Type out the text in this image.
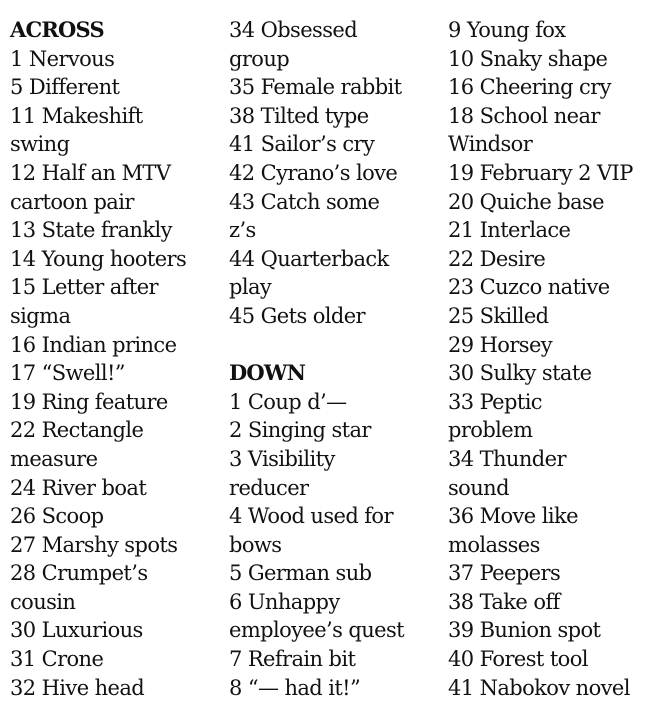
ACROSS
1 Nervous
5 Different
11 Makeshift
swing
12 Half an MTV
cartoon pair
13 State frankly
14 Young hooters
15 Letter after
sigma
16 Indian prince
17 “Swell!”
19 Ring feature
22 Rectangle
measure
24 River boat
26 Scoop
27 Marshy spots
28 Crumpet’s
cousin
30 Luxurious
31 Crone
32 Hive head
34 Obsessed
group
35 Female rabbit
38 Tilted type
41 Sailor’s cry
42 Cyrano’s love
43 Catch some
z’s
44 Quarterback
play
45 Gets older
DOWN
1 Coup d’—
2 Singing star
3 Visibility
reducer
4 Wood used for
bows
5 German sub
6 Unhappy
employee’s quest
7 Refrain bit
8 “— had it!”
9 Young fox
10 Snaky shape
16 Cheering cry
18 School near
Windsor
19 February 2 VIP
20 Quiche base
21 Interlace
22 Desire
23 Cuzco native
25 Skilled
29 Horsey
30 Sulky state
33 Peptic
problem
34 Thunder
sound
36 Move like
molasses
37 Peepers
38 Take off
39 Bunion spot
40 Forest tool
41 Nabokov novel
